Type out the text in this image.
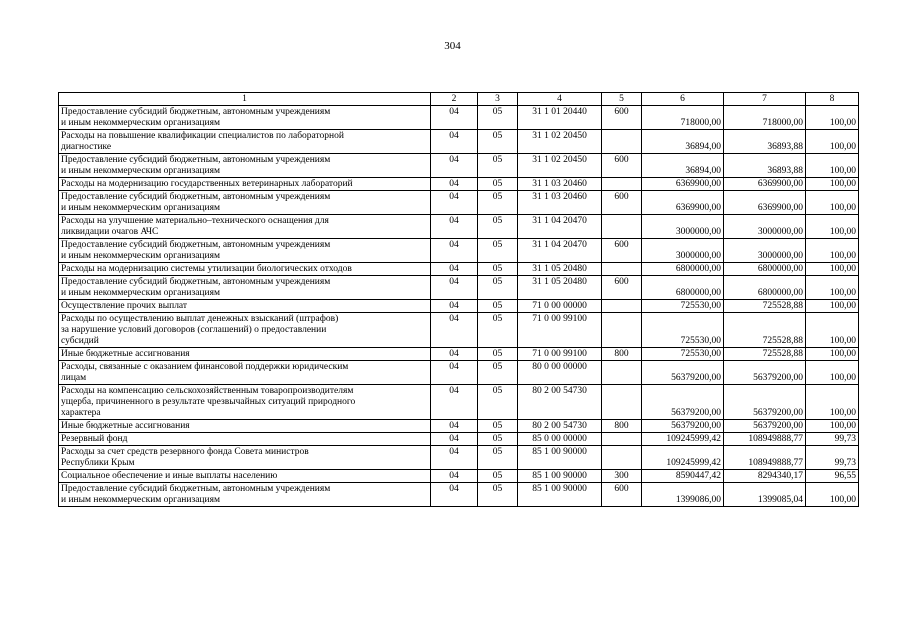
304
1	2	3	4	5	6	7	8

Предоставление субсидий бюджетным, автономным учреждениям
и иным некоммерческим организациям	04	05	31 1 01 20440	600	718000,00	718000,00	100,00

Расходы на повышение квалификации специалистов по лабораторной
диагностике	04	05	31 1 02 20450		36894,00	36893,88	100,00

Предоставление субсидий бюджетным, автономным учреждениям
и иным некоммерческим организациям	04	05	31 1 02 20450	600	36894,00	36893,88	100,00

Расходы на модернизацию государственных ветеринарных лабораторий	04	05	31 1 03 20460		6369900,00	6369900,00	100,00

Предоставление субсидий бюджетным, автономным учреждениям
и иным некоммерческим организациям	04	05	31 1 03 20460	600	6369900,00	6369900,00	100,00

Расходы на улучшение материально–технического оснащения для
ликвидации очагов АЧС	04	05	31 1 04 20470		3000000,00	3000000,00	100,00

Предоставление субсидий бюджетным, автономным учреждениям
и иным некоммерческим организациям	04	05	31 1 04 20470	600	3000000,00	3000000,00	100,00

Расходы на модернизацию системы утилизации биологических отходов	04	05	31 1 05 20480		6800000,00	6800000,00	100,00

Предоставление субсидий бюджетным, автономным учреждениям
и иным некоммерческим организациям	04	05	31 1 05 20480	600	6800000,00	6800000,00	100,00

Осуществление прочих выплат	04	05	71 0 00 00000		725530,00	725528,88	100,00

Расходы по осуществлению выплат денежных взысканий (штрафов)
за нарушение условий договоров (соглашений) о предоставлении
субсидий	04	05	71 0 00 99100		725530,00	725528,88	100,00

Иные бюджетные ассигнования	04	05	71 0 00 99100	800	725530,00	725528,88	100,00

Расходы, связанные с оказанием финансовой поддержки юридическим
лицам	04	05	80 0 00 00000		56379200,00	56379200,00	100,00

Расходы на компенсацию сельскохозяйственным товаропроизводителям
ущерба, причиненного в результате чрезвычайных ситуаций природного
характера	04	05	80 2 00 54730		56379200,00	56379200,00	100,00

Иные бюджетные ассигнования	04	05	80 2 00 54730	800	56379200,00	56379200,00	100,00

Резервный фонд	04	05	85 0 00 00000		109245999,42	108949888,77	99,73

Расходы за счет средств резервного фонда Совета министров
Республики Крым	04	05	85 1 00 90000		109245999,42	108949888,77	99,73

Социальное обеспечение и иные выплаты населению	04	05	85 1 00 90000	300	8590447,42	8294340,17	96,55

Предоставление субсидий бюджетным, автономным учреждениям
и иным некоммерческим организациям	04	05	85 1 00 90000	600	1399086,00	1399085,04	100,00
